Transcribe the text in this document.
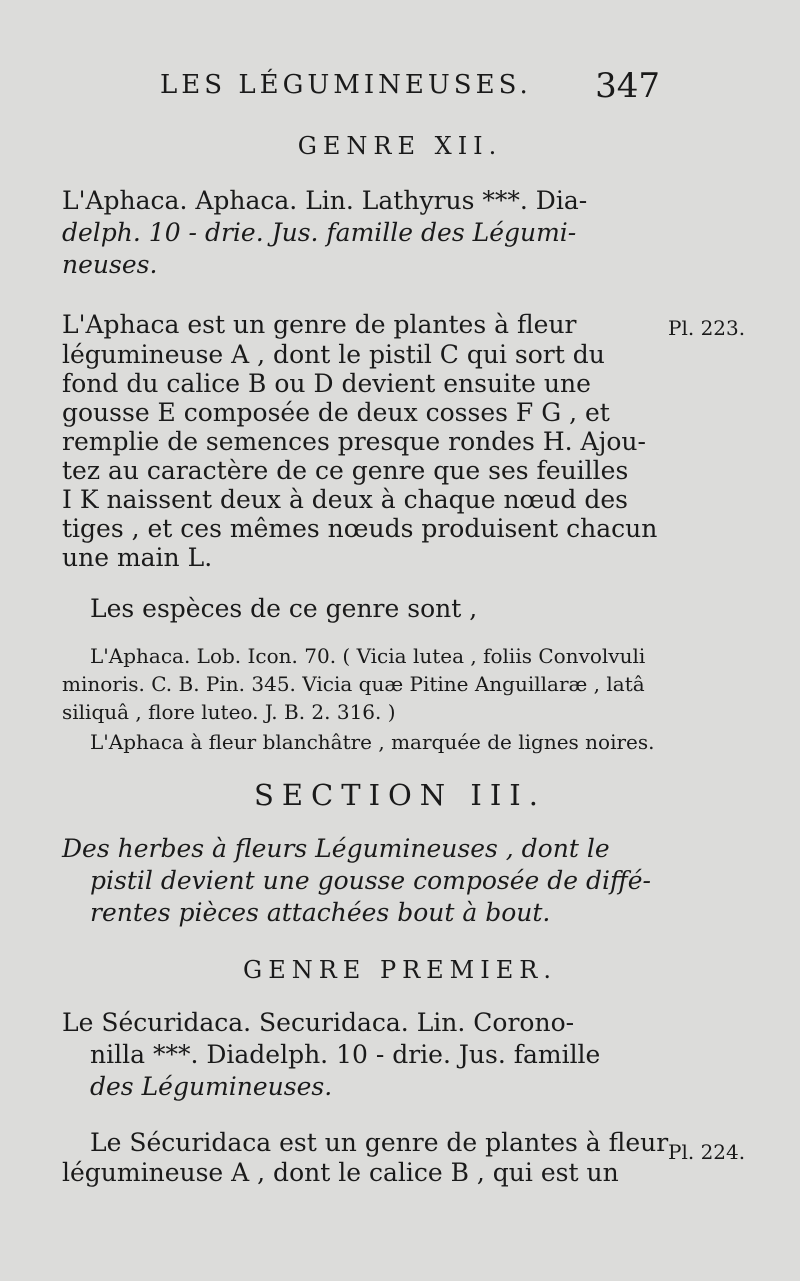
LES LÉGUMINEUSES. 347
GENRE XII.
L'Aphaca. Aphaca. Lin. Lathyrus ***. Dia-
delph. 10 - drie. Jus. famille des Légumi-
neuses.
Pl. 223.
L'Aphaca est un genre de plantes à fleur
légumineuse A , dont le pistil C qui sort du
fond du calice B ou D devient ensuite une
gousse E composée de deux cosses F G , et
remplie de semences presque rondes H. Ajou-
tez au caractère de ce genre que ses feuilles
I K naissent deux à deux à chaque nœud des
tiges , et ces mêmes nœuds produisent chacun
une main L.
Les espèces de ce genre sont ,
L'Aphaca. Lob. Icon. 70. ( Vicia lutea , foliis Convolvuli
minoris. C. B. Pin. 345. Vicia quæ Pitine Anguillaræ , latâ
siliquâ , flore luteo. J. B. 2. 316. )
L'Aphaca à fleur blanchâtre , marquée de lignes noires.
SECTION III.
Des herbes à fleurs Légumineuses , dont le
pistil devient une gousse composée de diffé-
rentes pièces attachées bout à bout.
GENRE PREMIER.
Le Sécuridaca. Securidaca. Lin. Corono-
nilla ***. Diadelph. 10 - drie. Jus. famille
des Légumineuses.
Pl. 224.
Le Sécuridaca est un genre de plantes à fleur
légumineuse A , dont le calice B , qui est un
